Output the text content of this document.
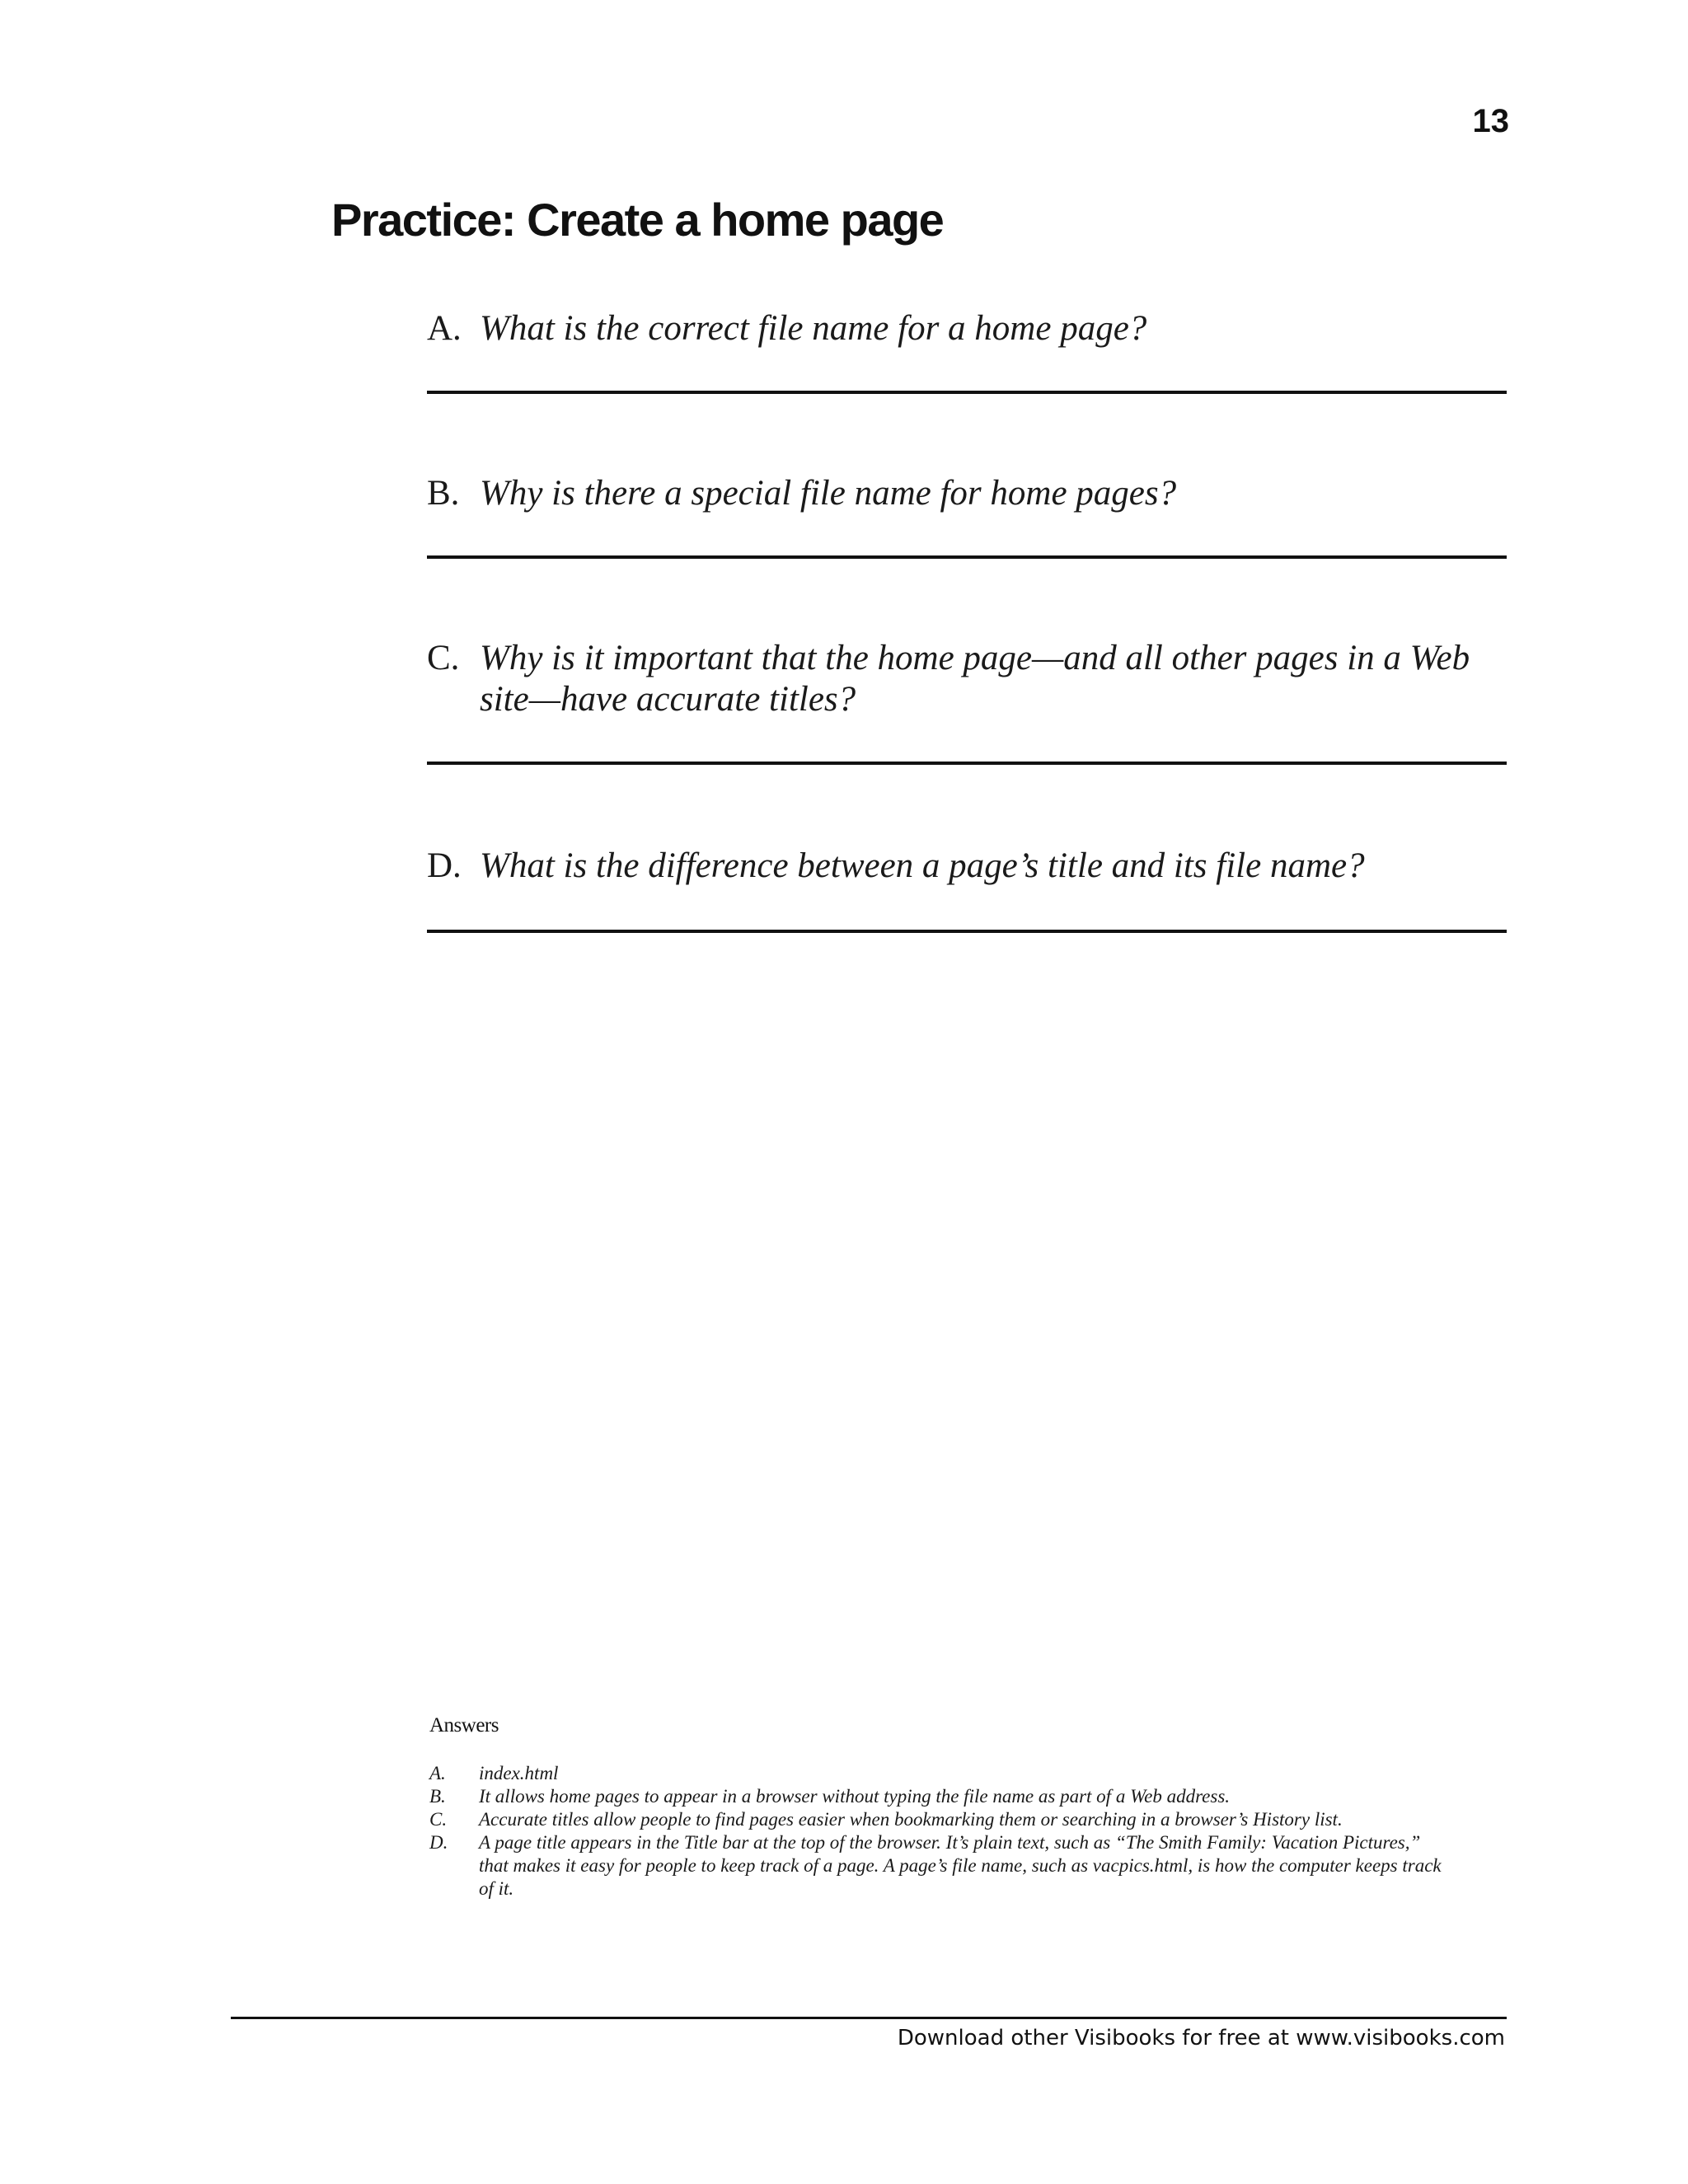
13
Practice: Create a home page
A. What is the correct file name for a home page?
B. Why is there a special file name for home pages?
C. Why is it important that the home page—and all other pages in a Web site—have accurate titles?
D. What is the difference between a page’s title and its file name?
Answers
A. index.html
B. It allows home pages to appear in a browser without typing the file name as part of a Web address.
C. Accurate titles allow people to find pages easier when bookmarking them or searching in a browser’s History list.
D. A page title appears in the Title bar at the top of the browser. It’s plain text, such as “The Smith Family: Vacation Pictures,” that makes it easy for people to keep track of a page. A page’s file name, such as vacpics.html, is how the computer keeps track of it.
Download other Visibooks for free at www.visibooks.com
